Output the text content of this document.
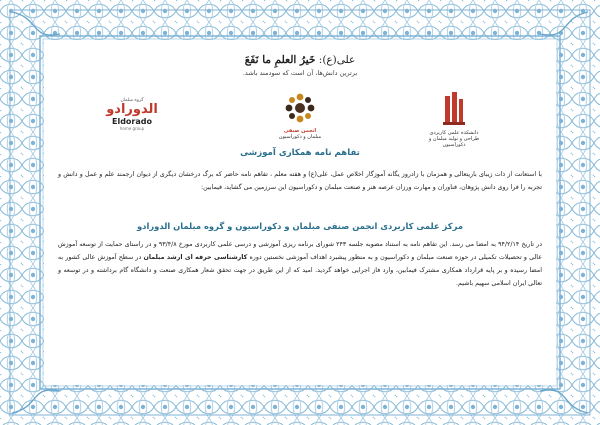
علی(ع): خَیرُ العلمِ ما نَفَعَ
برترین دانش‌ها، آن است که سودمند باشد.
دانشکده علمی کاربردی
طراحی و تولید مبلمان و دکوراسیون
انجمن صنفی
مبلمان و دکوراسیون
گروه مبلمان
الدورادو
Eldorado
home group
تفاهم نامه همکاری آموزشی
با استعانت از ذات زیبای باریتعالی و همزمان با زادروز یگانه آموزگار اخلاص عمل، علی(ع) و هفته معلم ، تفاهم نامه حاضر که برگ درخشان دیگری از دیوان ارجمند علم و عمل و دانش و تجربه را فرا روی دانش پژوهان، فناوران و مهارت ورزان عرصه هنر و صنعت مبلمان و دکوراسیون این سرزمین می گشاید، فیمابین:
مرکز علمی کاربردی انجمن صنفی مبلمان و دکوراسیون و گروه مبلمان الدورادو
در تاریخ ۹۴/۲/۱۴ به امضا می رسد. این تفاهم نامه به استناد مصوبه جلسه ۲۴۳ شورای برنامه ریزی آموزشی و درسی علمی کاربردی مورخ ۹۳/۴/۸ و در راستای حمایت از توسعه آموزش عالی و تحصیلات تکمیلی در حوزه صنعت مبلمان و دکوراسیون و به منظور پیشبرد اهداف آموزشی نخستین دوره کارشناسی حرفه ای ارشد مبلمان در سطح آموزش عالی کشور به امضا رسیده و بر پایه قرارداد همکاری مشترک فیمابین، وارد فاز اجرایی خواهد گردید. امید که از این طریق در جهت تحقق شعار همکاری صنعت و دانشگاه گام برداشته و در توسعه و تعالی ایران اسلامی سهیم باشیم.
